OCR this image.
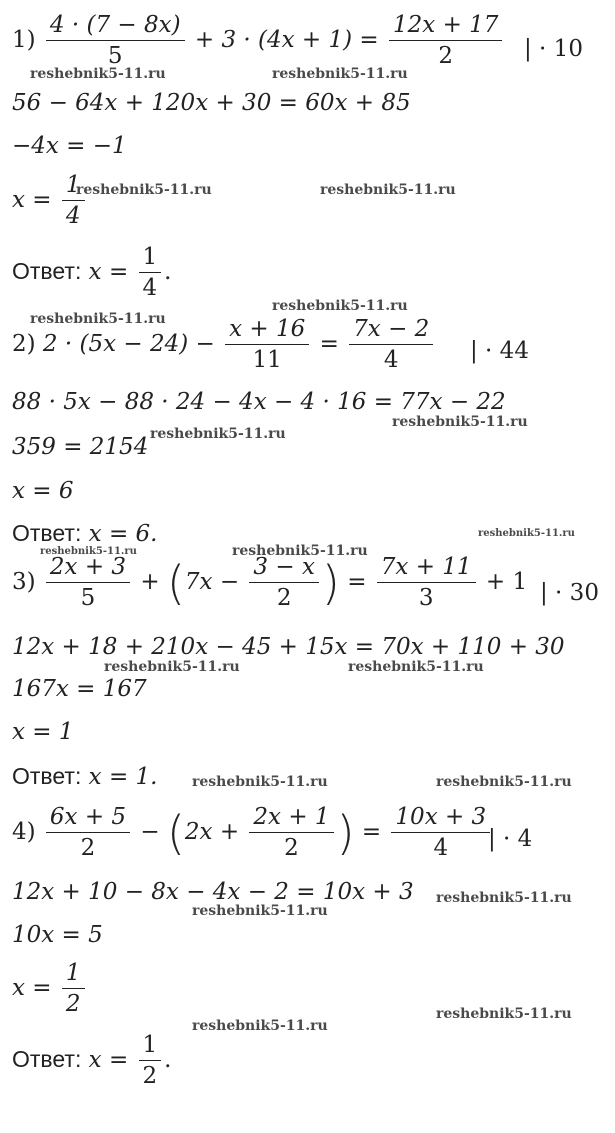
$1) \frac{4 \cdot (7 - 8x)}{5} + 3 \cdot (4x + 1) = \frac{12x + 17}{2}$ | · 10
56 − 64x + 120x + 30 = 60x + 85
−4x = −1
$x = \frac{1}{4}$
Ответ: $x = \frac{1}{4}$ .
2) $2 \cdot (5x - 24) - \frac{x + 16}{11} = \frac{7x - 2}{4}$ | · 44
88 · 5x − 88 · 24 − 4x − 4 · 16 = 77x − 22
359 = 2154
x = 6
Ответ: x = 6.
$3) \frac{2x + 3}{5} + (7x - \frac{3 - x}{2}$ ) = $\frac{7x + 11}{3} + 1$ | · 30
12x + 18 + 210x − 45 + 15x = 70x + 110 + 30
167x = 167
x = 1
Ответ: x = 1.
$4) \frac{6x + 5}{2} - (2x + \frac{2x + 1}{2}$ ) = $\frac{10x + 3}{4}$
| · 4
12x + 10 − 8x − 4x − 2 = 10x + 3
10x = 5
$x = \frac{1}{2}$
Ответ: $x = \frac{1}{2}$ .
reshebnik5-11.ru	reshebnik5-11.ru
reshebnik5-11.ru	reshebnik5-11.ru
reshebnik5-11.ru
reshebnik5-11.ru
reshebnik5-11.ru
reshebnik5-11.ru
reshebnik5-11.ru
reshebnik5-11.ru	reshebnik5-11.ru
reshebnik5-11.ru	reshebnik5-11.ru
reshebnik5-11.ru	reshebnik5-11.ru
reshebnik5-11.ru
reshebnik5-11.ru
reshebnik5-11.ru
reshebnik5-11.ru
